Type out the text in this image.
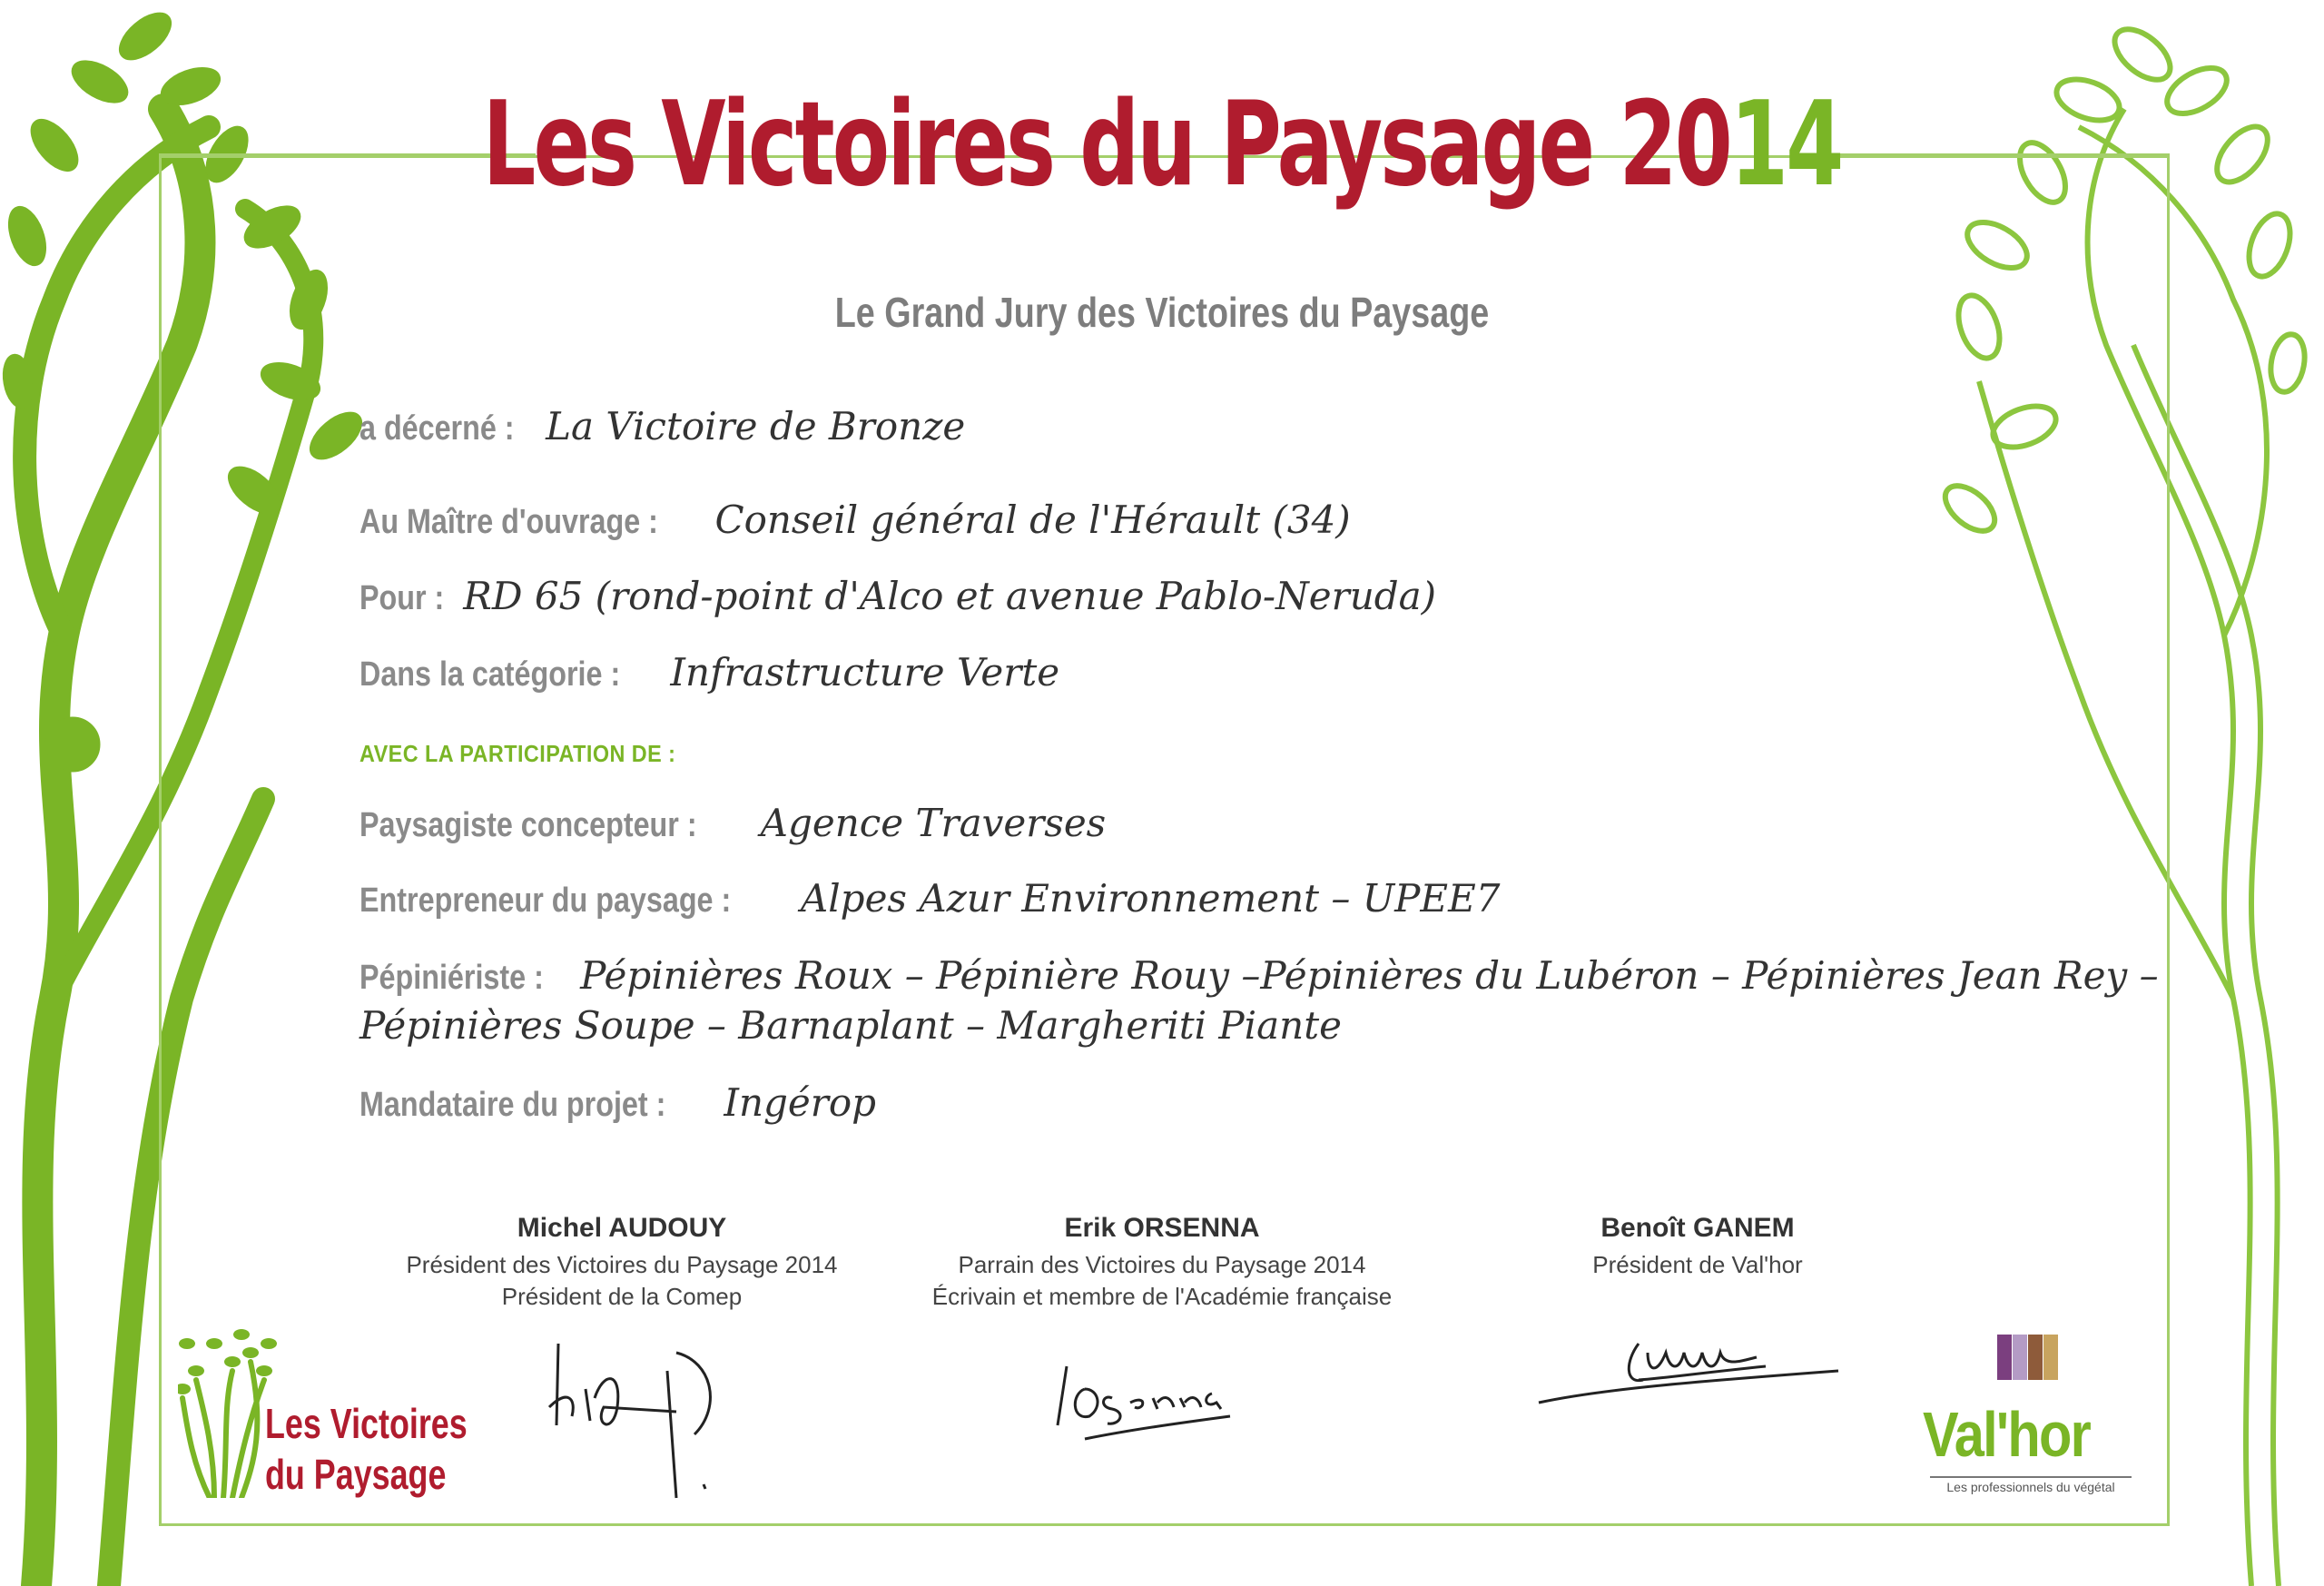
Les Victoires du Paysage 2014
Le Grand Jury des Victoires du Paysage
a décerné : La Victoire de Bronze
Au Maître d'ouvrage : Conseil général de l'Hérault (34)
Pour : RD 65 (rond-point d'Alco et avenue Pablo-Neruda)
Dans la catégorie : Infrastructure Verte
AVEC LA PARTICIPATION DE :
Paysagiste concepteur : Agence Traverses
Entrepreneur du paysage : Alpes Azur Environnement – UPEE7
Pépiniériste : Pépinières Roux – Pépinière Rouy –Pépinières du Lubéron – Pépinières Jean Rey –
Pépinières Soupe – Barnaplant – Margheriti Piante
Mandataire du projet : Ingérop
Michel AUDOUY
Président des Victoires du Paysage 2014
Président de la Comep
Erik ORSENNA
Parrain des Victoires du Paysage 2014
Écrivain et membre de l'Académie française
Benoît GANEM
Président de Val'hor
Les Victoires
du Paysage
Val'hor
Les professionnels du végétal
